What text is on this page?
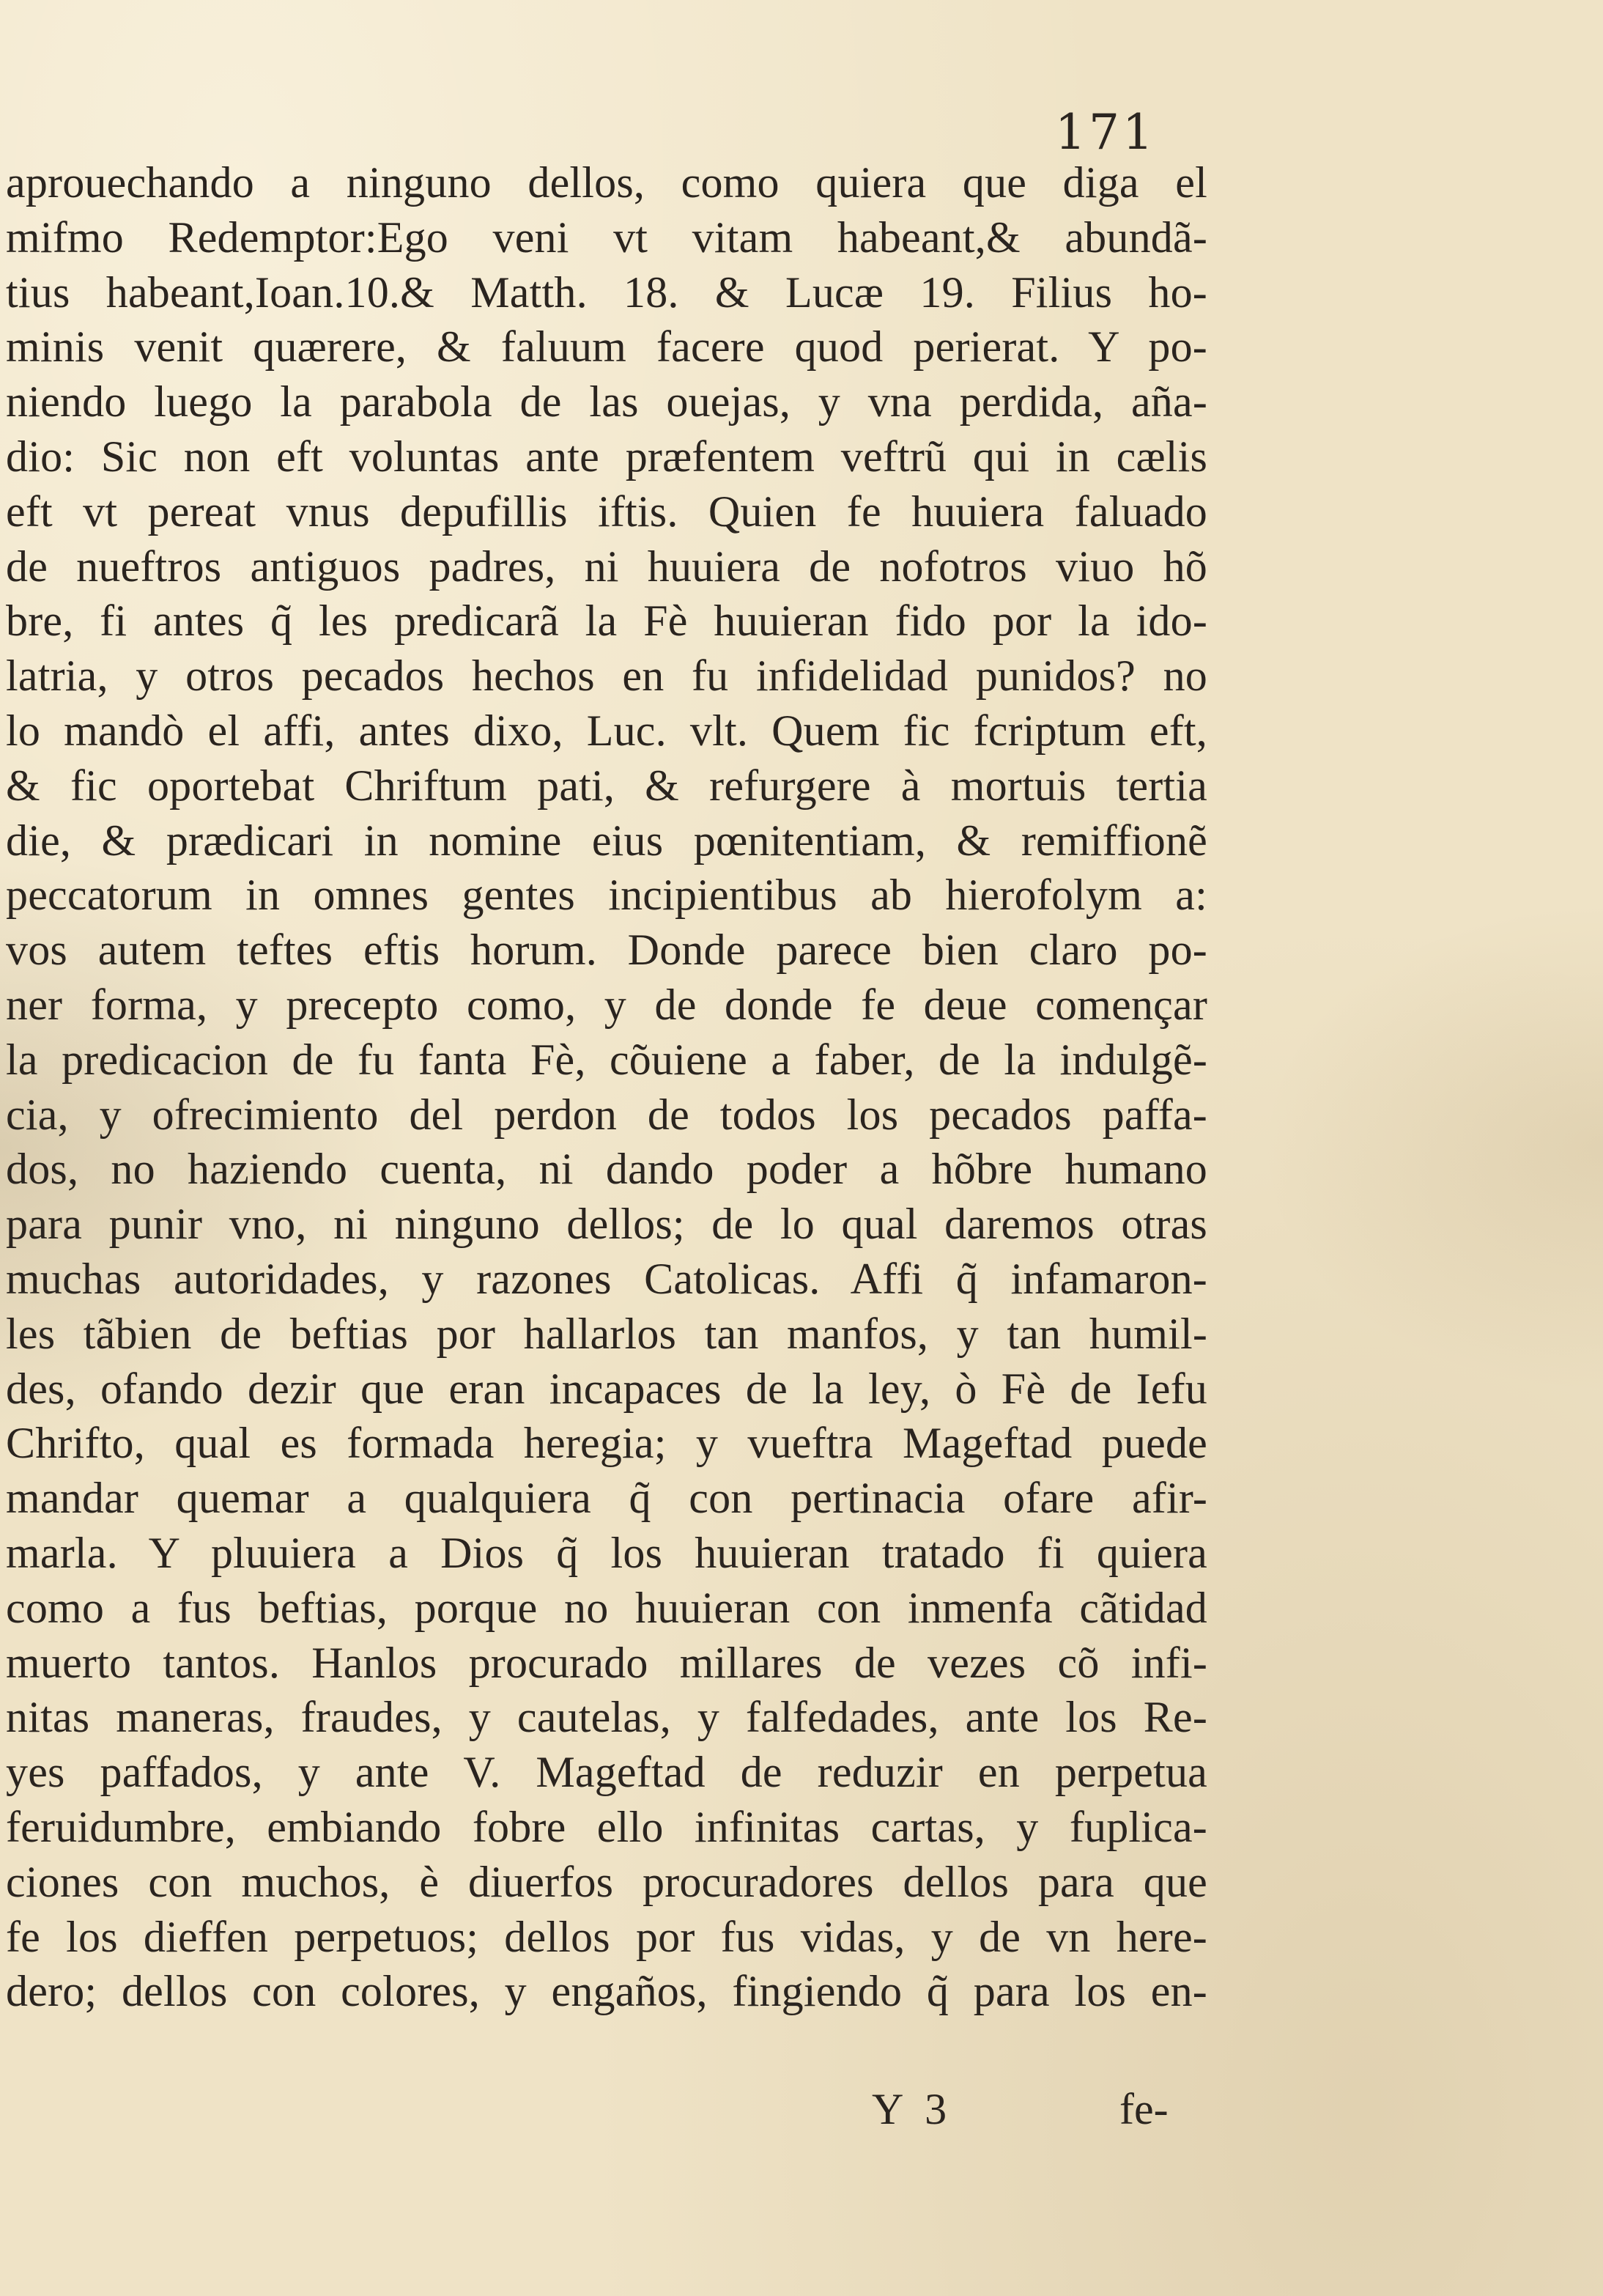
171
aprouechando a ninguno dellos, como quiera que diga el
mifmo Redemptor:Ego veni vt vitam habeant,& abundã-
tius habeant,Ioan.10.& Matth. 18. & Lucæ 19. Filius ho-
minis venit quærere, & faluum facere quod perierat. Y po-
niendo luego la parabola de las ouejas, y vna perdida, aña-
dio: Sic non eft voluntas ante præfentem veftrũ qui in cælis
eft vt pereat vnus depufillis iftis. Quien fe huuiera faluado
de nueftros antiguos padres, ni huuiera de nofotros viuo hõ
bre, fi antes q̃ les predicarã la Fè huuieran fido por la ido-
latria, y otros pecados hechos en fu infidelidad punidos? no
lo mandò el affi, antes dixo, Luc. vlt. Quem fic fcriptum eft,
& fic oportebat Chriftum pati, & refurgere à mortuis tertia
die, & prædicari in nomine eius pœnitentiam, & remiffionẽ
peccatorum in omnes gentes incipientibus ab hierofolym a:
vos autem teftes eftis horum. Donde parece bien claro po-
ner forma, y precepto como, y de donde fe deue començar
la predicacion de fu fanta Fè, cõuiene a faber, de la indulgẽ-
cia, y ofrecimiento del perdon de todos los pecados paffa-
dos, no haziendo cuenta, ni dando poder a hõbre humano
para punir vno, ni ninguno dellos; de lo qual daremos otras
muchas autoridades, y razones Catolicas. Affi q̃ infamaron-
les tãbien de beftias por hallarlos tan manfos, y tan humil-
des, ofando dezir que eran incapaces de la ley, ò Fè de Iefu
Chrifto, qual es formada heregia; y vueftra Mageftad puede
mandar quemar a qualquiera q̃ con pertinacia ofare afir-
marla. Y pluuiera a Dios q̃ los huuieran tratado fi quiera
como a fus beftias, porque no huuieran con inmenfa cãtidad
muerto tantos. Hanlos procurado millares de vezes cõ infi-
nitas maneras, fraudes, y cautelas, y falfedades, ante los Re-
yes paffados, y ante V. Mageftad de reduzir en perpetua
feruidumbre, embiando fobre ello infinitas cartas, y fuplica-
ciones con muchos, è diuerfos procuradores dellos para que
fe los dieffen perpetuos; dellos por fus vidas, y de vn here-
dero; dellos con colores, y engaños, fingiendo q̃ para los en-
Y 3	fe-
